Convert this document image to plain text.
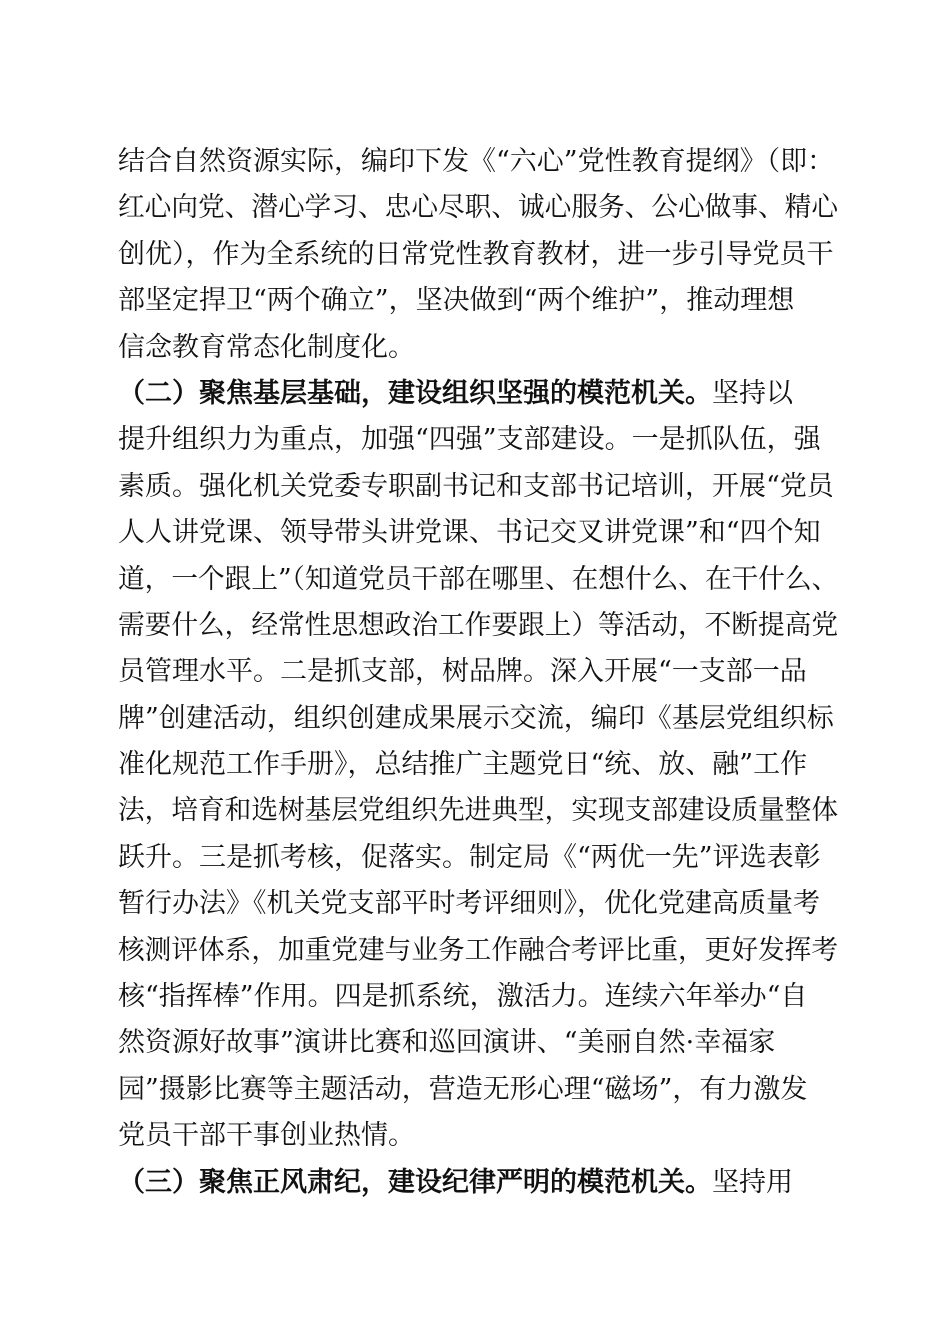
结合自然资源实际，编印下发《“六心”党性教育提纲》（即：
红心向党、潜心学习、忠心尽职、诚心服务、公心做事、精心
创优），作为全系统的日常党性教育教材，进一步引导党员干
部坚定捍卫“两个确立”，坚决做到“两个维护”，推动理想
信念教育常态化制度化。
（二）聚焦基层基础，建设组织坚强的模范机关。坚持以
提升组织力为重点，加强“四强”支部建设。一是抓队伍，强
素质。强化机关党委专职副书记和支部书记培训，开展“党员
人人讲党课、领导带头讲党课、书记交叉讲党课”和“四个知
道，一个跟上”（知道党员干部在哪里、在想什么、在干什么、
需要什么，经常性思想政治工作要跟上）等活动，不断提高党
员管理水平。二是抓支部，树品牌。深入开展“一支部一品
牌”创建活动，组织创建成果展示交流，编印《基层党组织标
准化规范工作手册》，总结推广主题党日“统、放、融”工作
法，培育和选树基层党组织先进典型，实现支部建设质量整体
跃升。三是抓考核，促落实。制定局《“两优一先”评选表彰
暂行办法》《机关党支部平时考评细则》，优化党建高质量考
核测评体系，加重党建与业务工作融合考评比重，更好发挥考
核“指挥棒”作用。四是抓系统，激活力。连续六年举办“自
然资源好故事”演讲比赛和巡回演讲、“美丽自然·幸福家
园”摄影比赛等主题活动，营造无形心理“磁场”，有力激发
党员干部干事创业热情。
（三）聚焦正风肃纪，建设纪律严明的模范机关。坚持用
